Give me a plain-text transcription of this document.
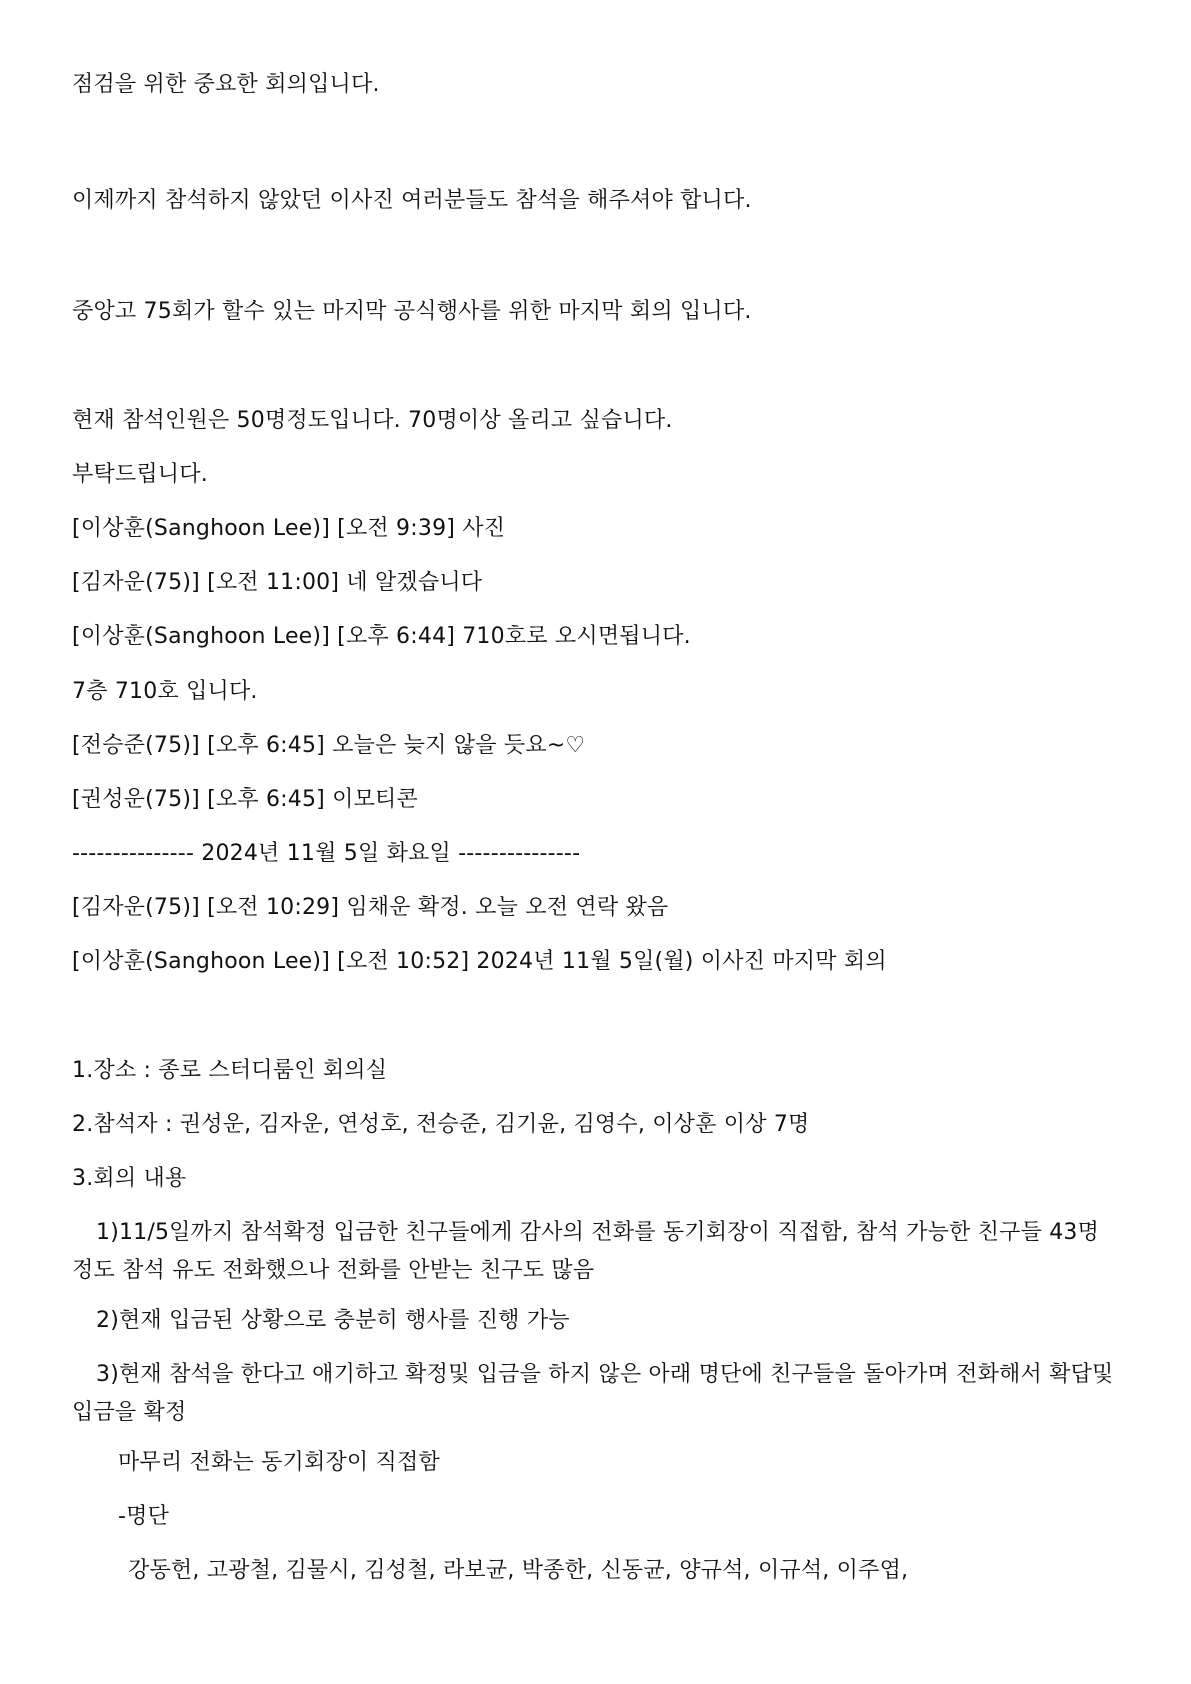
점검을 위한 중요한 회의입니다.
이제까지 참석하지 않았던 이사진 여러분들도 참석을 해주셔야 합니다.
중앙고 75회가 할수 있는 마지막 공식행사를 위한 마지막 회의 입니다.
현재 참석인원은 50명정도입니다. 70명이상 올리고 싶습니다.
부탁드립니다.
[이상훈(Sanghoon Lee)] [오전 9:39] 사진
[김자운(75)] [오전 11:00] 네 알겠습니다
[이상훈(Sanghoon Lee)] [오후 6:44] 710호로 오시면됩니다.
7층 710호 입니다.
[전승준(75)] [오후 6:45] 오늘은 늦지 않을 듯요~♡
[권성운(75)] [오후 6:45] 이모티콘
--------------- 2024년 11월 5일 화요일 ---------------
[김자운(75)] [오전 10:29] 임채운 확정. 오늘 오전 연락 왔음
[이상훈(Sanghoon Lee)] [오전 10:52] 2024년 11월 5일(월) 이사진 마지막 회의
1.장소 : 종로 스터디룸인 회의실
2.참석자 : 권성운, 김자운, 연성호, 전승준, 김기윤, 김영수, 이상훈 이상 7명
3.회의 내용
1)11/5일까지 참석확정 입금한 친구들에게 감사의 전화를 동기회장이 직접함, 참석 가능한 친구들 43명 정도 참석 유도 전화했으나 전화를 안받는 친구도 많음
2)현재 입금된 상황으로 충분히 행사를 진행 가능
3)현재 참석을 한다고 애기하고 확정및 입금을 하지 않은 아래 명단에 친구들을 돌아가며 전화해서 확답및 입금을 확정
마무리 전화는 동기회장이 직접함
-명단
강동헌, 고광철, 김물시, 김성철, 라보균, 박종한, 신동균, 양규석, 이규석, 이주엽,
